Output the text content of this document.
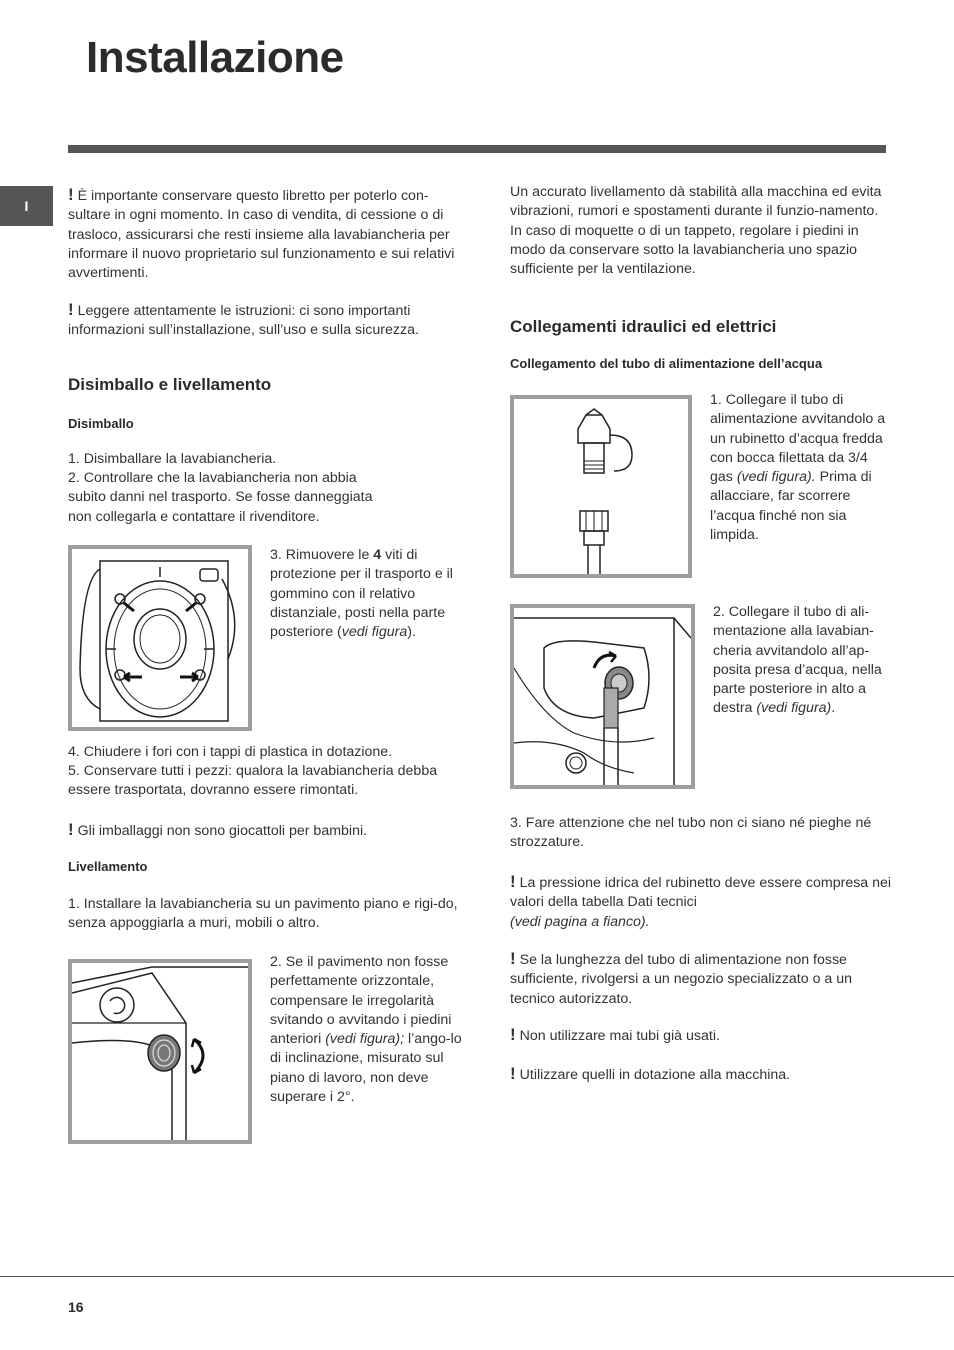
Installazione
I

! È importante conservare questo libretto per poterlo con-sultare in ogni momento. In caso di vendita, di cessione o di trasloco, assicurarsi che resti insieme alla lavabiancheria per informare il nuovo proprietario sul funzionamento e sui relativi avvertimenti.

! Leggere attentamente le istruzioni: ci sono importanti informazioni sull’installazione, sull’uso e sulla sicurezza.

Disimballo e livellamento
Disimballo

1. Disimballare la lavabiancheria.

2. Controllare che la lavabiancheria non abbia subito danni nel trasporto. Se fosse danneggiata non collegarla e contattare il rivenditore.

3. Rimuovere le 4 viti di protezione per il trasporto e il gommino con il relativo distanziale, posti nella parte posteriore (vedi figura).

4. Chiudere i fori con i tappi di plastica in dotazione.

5. Conservare tutti i pezzi: qualora la lavabiancheria debba essere trasportata, dovranno essere rimontati.

! Gli imballaggi non sono giocattoli per bambini.

Livellamento

1. Installare la lavabiancheria su un pavimento piano e rigi-do, senza appoggiarla a muri, mobili o altro.

2. Se il pavimento non fosse perfettamente orizzontale, compensare le irregolarità svitando o avvitando i piedini anteriori (vedi figura); l’ango-lo di inclinazione, misurato sul piano di lavoro, non deve superare i 2°.

Un accurato livellamento dà stabilità alla macchina ed evita vibrazioni, rumori e spostamenti durante il funzio-namento. In caso di moquette o di un tappeto, regolare i piedini in modo da conservare sotto la lavabiancheria uno spazio sufficiente per la ventilazione.

Collegamenti idraulici ed elettrici
Collegamento del tubo di alimentazione dell’acqua

1. Collegare il tubo di alimentazione avvitandolo a un rubinetto d’acqua fredda con bocca filettata da 3/4 gas (vedi figura). Prima di allacciare, far scorrere l’acqua finché non sia limpida.

2. Collegare il tubo di ali-mentazione alla lavabian-cheria avvitandolo all’ap-posita presa d’acqua, nella parte posteriore in alto a destra (vedi figura).

3. Fare attenzione che nel tubo non ci siano né pieghe né strozzature.

! La pressione idrica del rubinetto deve essere compresa nei valori della tabella Dati tecnici
(vedi pagina a fianco).

! Se la lunghezza del tubo di alimentazione non fosse sufficiente, rivolgersi a un negozio specializzato o a un tecnico autorizzato.

! Non utilizzare mai tubi già usati.

! Utilizzare quelli in dotazione alla macchina.

16
